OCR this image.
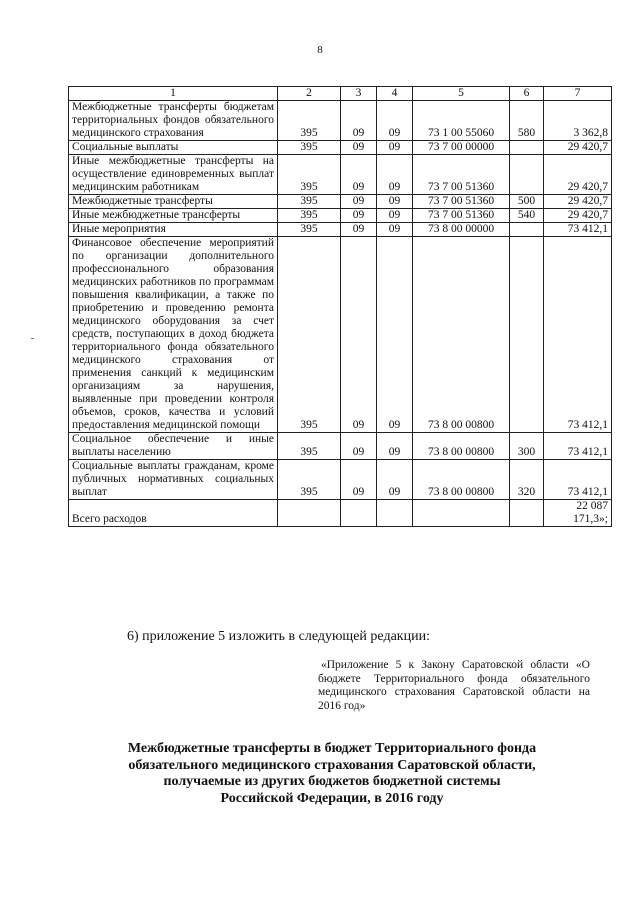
8
1	2	3	4	5	6	7
Межбюджетные трансферты бюджетам территориальных фондов обязательного медицинского страхования	395	09	09	73 1 00 55060	580	3 362,8
Социальные выплаты	395	09	09	73 7 00 00000		29 420,7
Иные межбюджетные трансферты на осуществление единовременных выплат медицинским работникам	395	09	09	73 7 00 51360		29 420,7
Межбюджетные трансферты	395	09	09	73 7 00 51360	500	29 420,7
Иные межбюджетные трансферты	395	09	09	73 7 00 51360	540	29 420,7
Иные мероприятия	395	09	09	73 8 00 00000		73 412,1
Финансовое обеспечение мероприятий по организации дополнительного профессионального образования медицинских работников по программам повышения квалификации, а также по приобретению и проведению ремонта медицинского оборудования за счет средств, поступающих в доход бюджета территориального фонда обязательного медицинского страхования от применения санкций к медицинским организациям за нарушения, выявленные при проведении контроля объемов, сроков, качества и условий предоставления медицинской помощи	395	09	09	73 8 00 00800		73 412,1
Социальное обеспечение и иные выплаты населению	395	09	09	73 8 00 00800	300	73 412,1
Социальные выплаты гражданам, кроме публичных нормативных социальных выплат	395	09	09	73 8 00 00800	320	73 412,1
Всего расходов						22 087 171,3»;
6) приложение 5 изложить в следующей редакции:
«Приложение 5 к Закону Саратовской области «О бюджете Территориального фонда обязательного медицинского страхования Саратовской области на 2016 год»
Межбюджетные трансферты в бюджет Территориального фонда
обязательного медицинского страхования Саратовской области,
получаемые из других бюджетов бюджетной системы
Российской Федерации, в 2016 году
